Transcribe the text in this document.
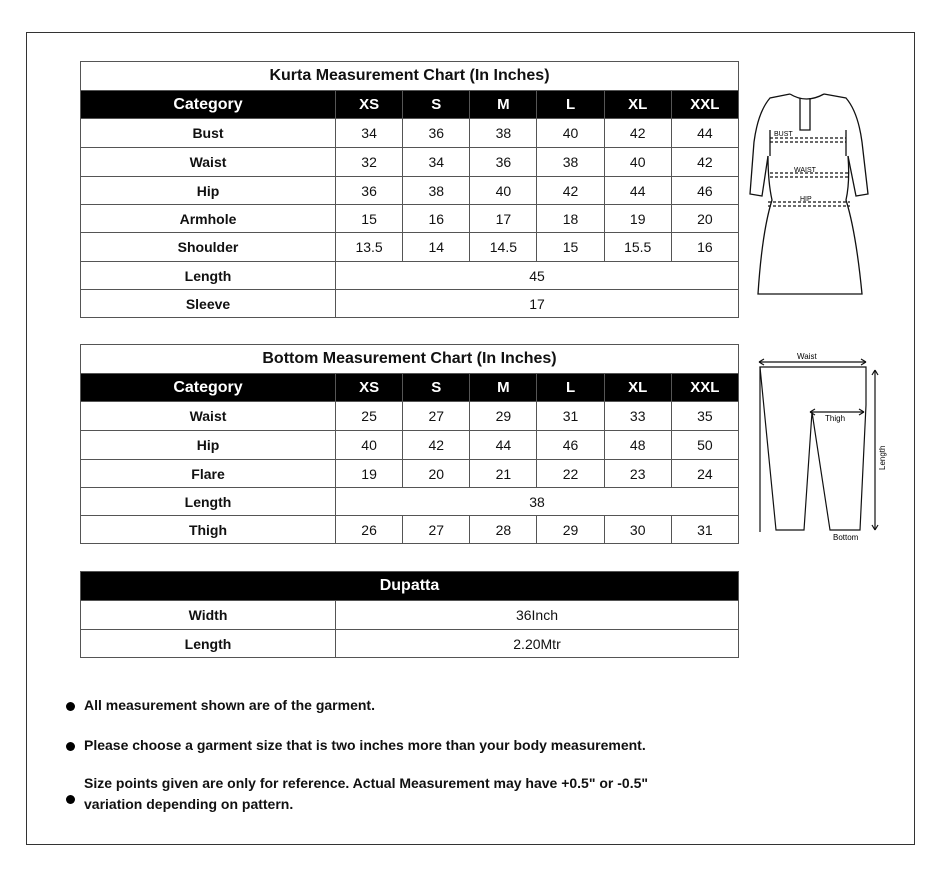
Kurta Measurement Chart (In Inches)						
Category	XS	S	M	L	XL	XXL
Bust	34	36	38	40	42	44
Waist	32	34	36	38	40	42
Hip	36	38	40	42	44	46
Armhole	15	16	17	18	19	20
Shoulder	13.5	14	14.5	15	15.5	16
Length	45					
Sleeve	17					
BUST
WAIST
HIP
Bottom Measurement Chart (In Inches)						
Category	XS	S	M	L	XL	XXL
Waist	25	27	29	31	33	35
Hip	40	42	44	46	48	50
Flare	19	20	21	22	23	24
Length	38					
Thigh	26	27	28	29	30	31
Waist
Thigh
Length
Bottom
Dupatta	
Width	36Inch
Length	2.20Mtr
All measurement shown are of the garment.
Please choose a garment size that is two inches more than your body measurement.
Size points given are only for reference. Actual Measurement may have +0.5" or -0.5"
variation depending on pattern.
